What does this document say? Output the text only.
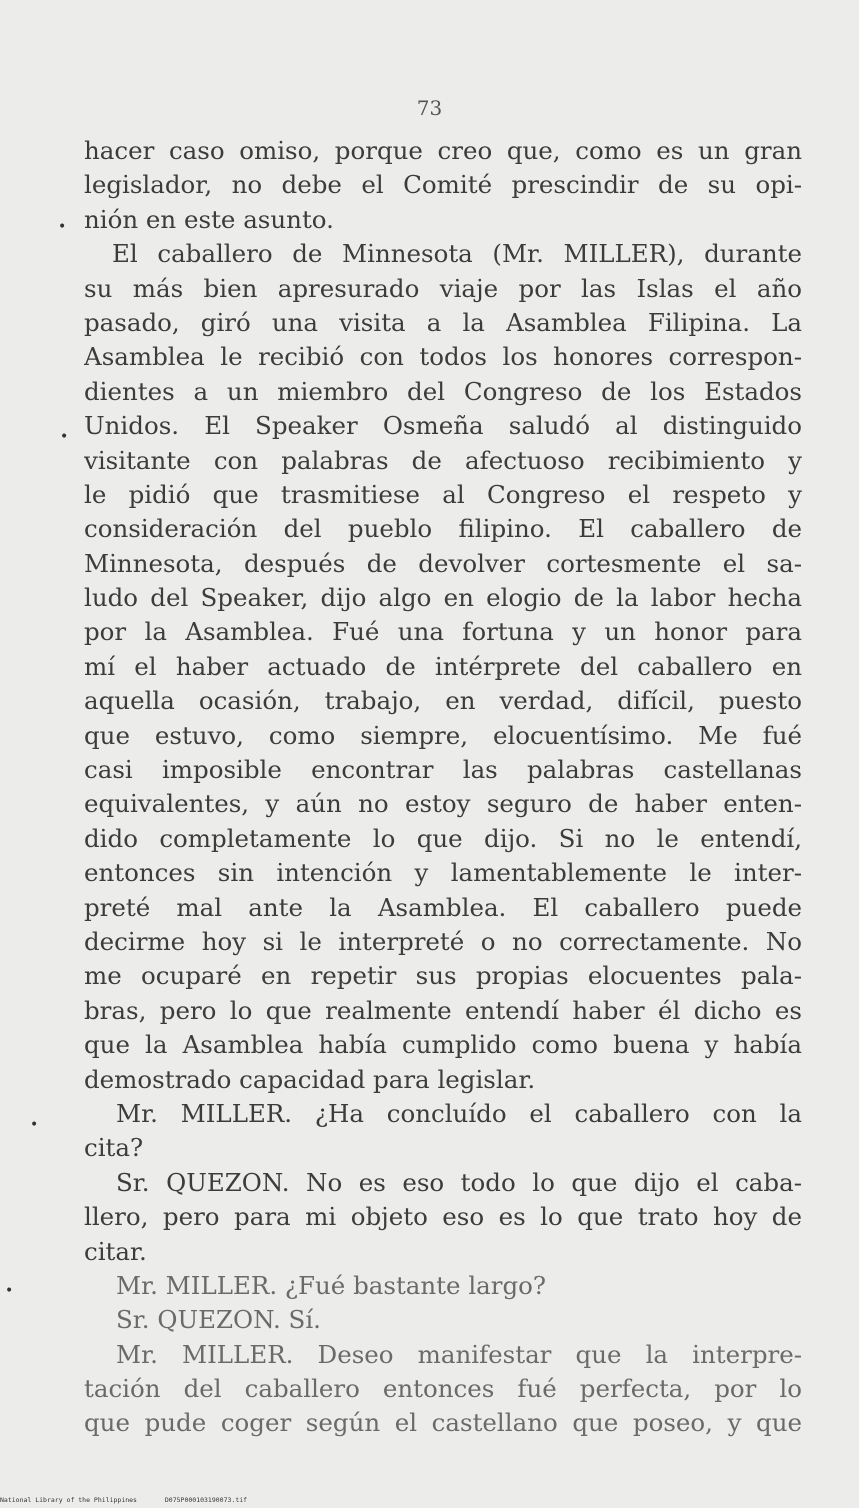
73
•
•
•
•
hacer caso omiso, porque creo que, como es un gran
legislador, no debe el Comité prescindir de su opi-
nión en este asunto.
El caballero de Minnesota (Mr. MILLER), durante
su más bien apresurado viaje por las Islas el año
pasado, giró una visita a la Asamblea Filipina. La
Asamblea le recibió con todos los honores correspon-
dientes a un miembro del Congreso de los Estados
Unidos. El Speaker Osmeña saludó al distinguido
visitante con palabras de afectuoso recibimiento y
le pidió que trasmitiese al Congreso el respeto y
consideración del pueblo filipino. El caballero de
Minnesota, después de devolver cortesmente el sa-
ludo del Speaker, dijo algo en elogio de la labor hecha
por la Asamblea. Fué una fortuna y un honor para
mí el haber actuado de intérprete del caballero en
aquella ocasión, trabajo, en verdad, difícil, puesto
que estuvo, como siempre, elocuentísimo. Me fué
casi imposible encontrar las palabras castellanas
equivalentes, y aún no estoy seguro de haber enten-
dido completamente lo que dijo. Si no le entendí,
entonces sin intención y lamentablemente le inter-
preté mal ante la Asamblea. El caballero puede
decirme hoy si le interpreté o no correctamente. No
me ocuparé en repetir sus propias elocuentes pala-
bras, pero lo que realmente entendí haber él dicho es
que la Asamblea había cumplido como buena y había
demostrado capacidad para legislar.
Mr. MILLER. ¿Ha concluído el caballero con la
cita?
Sr. QUEZON. No es eso todo lo que dijo el caba-
llero, pero para mi objeto eso es lo que trato hoy de
citar.
Mr. MILLER. ¿Fué bastante largo?
Sr. QUEZON. Sí.
Mr. MILLER. Deseo manifestar que la interpre-
tación del caballero entonces fué perfecta, por lo
que pude coger según el castellano que poseo, y que
National Library of the Philippines	D075P000103190073.tif
